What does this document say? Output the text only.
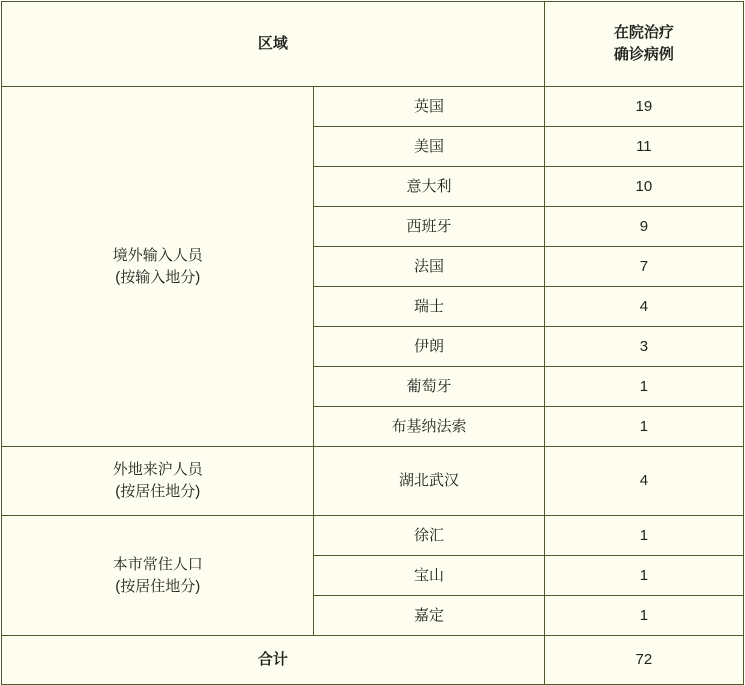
区域		在院治疗
确诊病例

境外输入人员
(按输入地分)	英国	19
	美国	11
	意大利	10
	西班牙	9
	法国	7
	瑞士	4
	伊朗	3
	葡萄牙	1
	布基纳法索	1

外地来沪人员
(按居住地分)	湖北武汉	4

本市常住人口
(按居住地分)	徐汇	1
	宝山	1
	嘉定	1
合计		72
